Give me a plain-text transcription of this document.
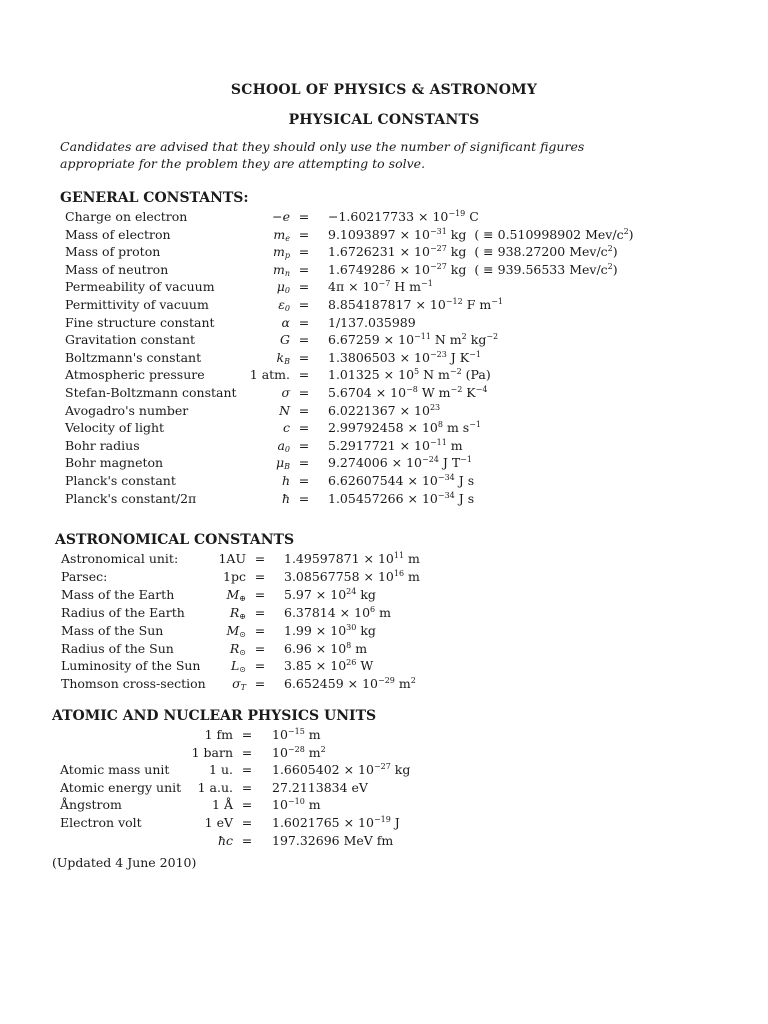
SCHOOL OF PHYSICS & ASTRONOMY
PHYSICAL CONSTANTS
Candidates are advised that they should only use the number of significant figures appropriate for the problem they are attempting to solve.
GENERAL CONSTANTS:
Charge on electron	$-e = -1.60217733 \times 10^{-19}$ C
Mass of electron	$m_e = 9.1093897 \times 10^{-31}$ kg  ( ≡ 0.510998902 Mev/$c^2$)
Mass of proton	$m_p = 1.6726231 \times 10^{-27}$ kg  ( ≡ 938.27200 Mev/$c^2$)
Mass of neutron	$m_n = 1.6749286 \times 10^{-27}$ kg  ( ≡ 939.56533 Mev/$c^2$)
Permeability of vacuum	$\mu_0 = 4\pi \times 10^{-7}$ H $m^{-1}$
Permittivity of vacuum	$\varepsilon_0 = 8.854187817 \times 10^{-12}$ F $m^{-1}$
Fine structure constant	α = 1/137.035989
Gravitation constant	$G = 6.67259 \times 10^{-11}$ N $m^2$ $kg^{-2}$
Boltzmann's constant	$k_B = 1.3806503 \times 10^{-23}$ J $K^{-1}$
Atmospheric pressure	1 atm. = $1.01325 \times 10^5$ N $m^{-2}$ (Pa)
Stefan-Boltzmann constant	$\sigma = 5.6704 \times 10^{-8}$ W $m^{-2}$ $K^{-4}$
Avogadro's number	$N = 6.0221367 \times 10^{23}$
Velocity of light	$c = 2.99792458 \times 10^8$ m $s^{-1}$
Bohr radius	$a_0 = 5.2917721 \times 10^{-11}$ m
Bohr magneton	$\mu_B = 9.274006 \times 10^{-24}$ J $T^{-1}$
Planck's constant	$h = 6.62607544 \times 10^{-34}$ J s
Planck's constant/2π	ħ = $1.05457266 \times 10^{-34}$ J s
ASTRONOMICAL CONSTANTS
Astronomical unit:	$1AU = 1.49597871 \times 10^{11}$ m
Parsec:	$1pc = 3.08567758 \times 10^{16}$ m
Mass of the Earth	$M_\oplus = 5.97 \times 10^{24}$ kg
Radius of the Earth	$R_\oplus = 6.37814 \times 10^6$ m
Mass of the Sun	$M_⊙ = 1.99 \times 10^{30}$ kg
Radius of the Sun	$R_⊙ = 6.96 \times 10^8$ m
Luminosity of the Sun $L_⊙ = 3.85 \times 10^{26}$ W
Thomson cross-section $\sigma_T = 6.652459 \times 10^{-29}$ $m^2$
ATOMIC AND NUCLEAR PHYSICS UNITS
1 fm = $10^{-15}$ m
1 barn = $10^{-28}$ $m^2$
Atomic mass unit	1 u. = $1.6605402 \times 10^{-27}$ kg
Atomic energy unit 1 a.u. = 27.2113834 eV
Ångstrom	1 Å = $10^{-10}$ m
Electron volt	1 eV = $1.6021765 \times 10^{-19}$ J
ħc = 197.32696 MeV fm
(Updated 4 June 2010)
